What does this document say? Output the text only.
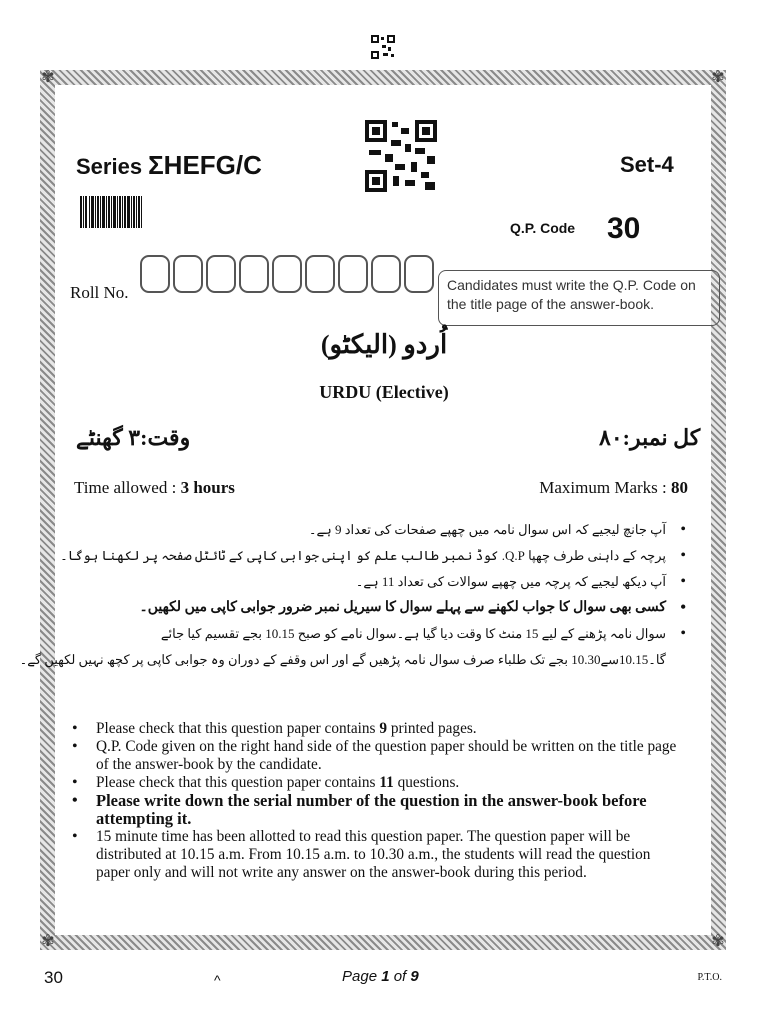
✾	✾
✾	✾
Series ΣHEFG/C	Set-4
Q.P. Code 30
Roll No.	Candidates must write the Q.P. Code on the title page of the answer-book.
اُردو (الیکٹو)
URDU (Elective)
کل نمبر:۸۰
وقت:۳ گھنٹے
Time allowed : 3 hours	Maximum Marks : 80
• آپ جانچ لیجیے کہ اس سوال نامہ میں چھپے صفحات کی تعداد 9 ہے۔
• پرچہ کے داہنی طرف چھپا Q.P. کوڈ نمبر طالب علم کو اپنی جوابی کاپی کے ٹائٹل صفحہ پر لکھنا ہوگا۔
• آپ دیکھ لیجیے کہ پرچہ میں چھپے سوالات کی تعداد 11 ہے۔
• کسی بھی سوال کا جواب لکھنے سے پہلے سوال کا سیریل نمبر ضرور جوابی کاپی میں لکھیں۔
• سوال نامہ پڑھنے کے لیے 15 منٹ کا وقت دیا گیا ہے۔سوال نامے کو صبح 10.15 بجے تقسیم کیا جائے
گا۔10.15سے10.30 بجے تک طلباء صرف سوال نامہ پڑھیں گے اور اس وقفے کے دوران وہ جوابی کاپی پر کچھ نہیں لکھیں گے۔
• Please check that this question paper contains 9 printed pages.
• Q.P. Code given on the right hand side of the question paper should be written on the title page of the answer-book by the candidate.
• Please check that this question paper contains 11 questions.
• Please write down the serial number of the question in the answer-book before attempting it.
• 15 minute time has been allotted to read this question paper. The question paper will be distributed at 10.15 a.m. From 10.15 a.m. to 10.30 a.m., the students will read the question paper only and will not write any answer on the answer-book during this period.
30	^	Page 1 of 9	P.T.O.
